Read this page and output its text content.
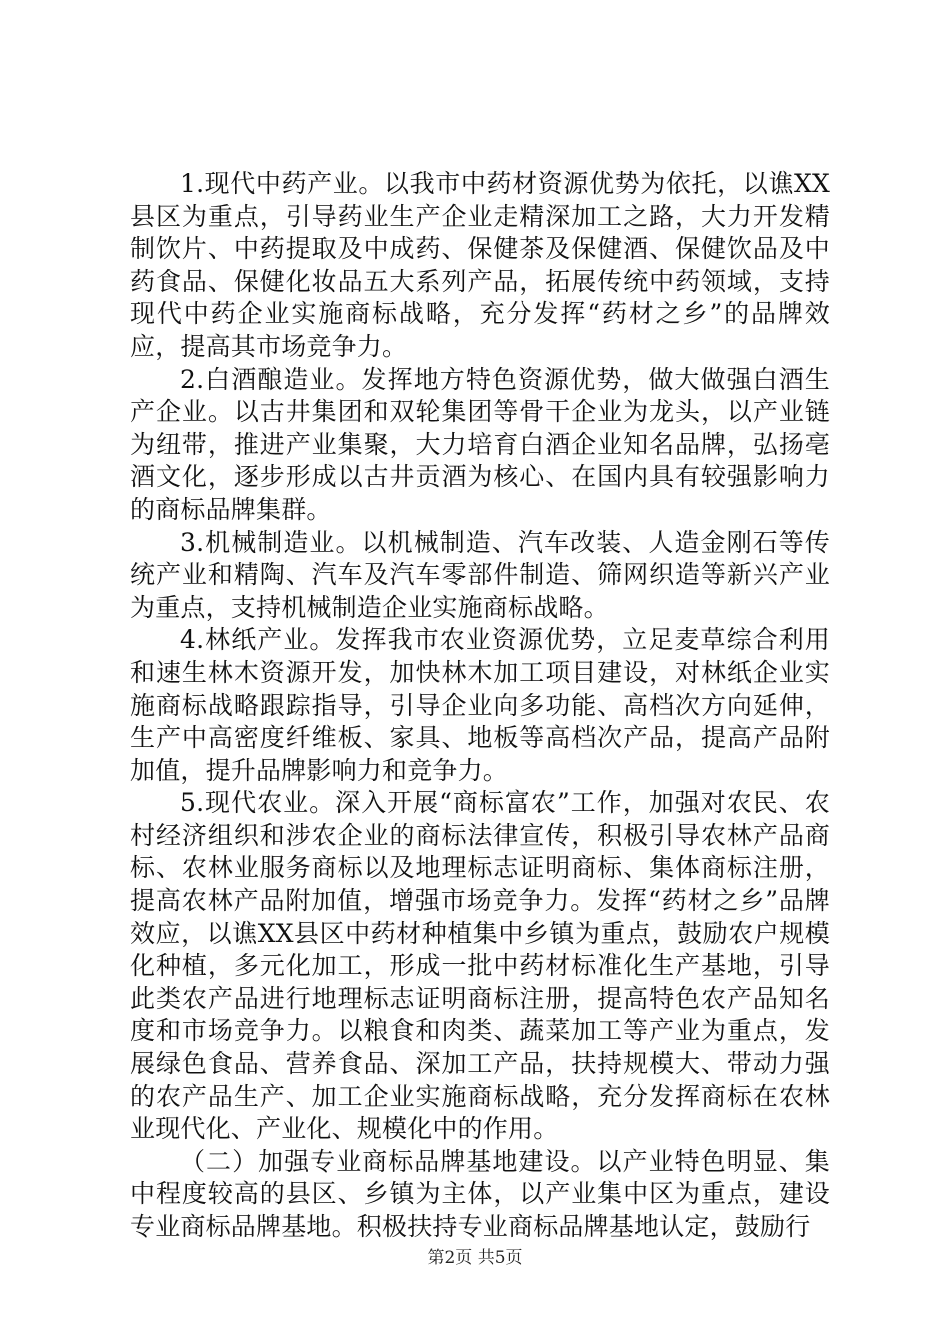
1.现代中药产业。以我市中药材资源优势为依托，以谯XX县区为重点，引导药业生产企业走精深加工之路，大力开发精制饮片、中药提取及中成药、保健茶及保健酒、保健饮品及中药食品、保健化妆品五大系列产品，拓展传统中药领域，支持现代中药企业实施商标战略，充分发挥“药材之乡”的品牌效应，提高其市场竞争力。

2.白酒酿造业。发挥地方特色资源优势，做大做强白酒生产企业。以古井集团和双轮集团等骨干企业为龙头，以产业链为纽带，推进产业集聚，大力培育白酒企业知名品牌，弘扬亳酒文化，逐步形成以古井贡酒为核心、在国内具有较强影响力的商标品牌集群。

3.机械制造业。以机械制造、汽车改装、人造金刚石等传统产业和精陶、汽车及汽车零部件制造、筛网织造等新兴产业为重点，支持机械制造企业实施商标战略。

4.林纸产业。发挥我市农业资源优势，立足麦草综合利用和速生林木资源开发，加快林木加工项目建设，对林纸企业实施商标战略跟踪指导，引导企业向多功能、高档次方向延伸，生产中高密度纤维板、家具、地板等高档次产品，提高产品附加值，提升品牌影响力和竞争力。

5.现代农业。深入开展“商标富农”工作，加强对农民、农村经济组织和涉农企业的商标法律宣传，积极引导农林产品商标、农林业服务商标以及地理标志证明商标、集体商标注册，提高农林产品附加值，增强市场竞争力。发挥“药材之乡”品牌效应，以谯XX县区中药材种植集中乡镇为重点，鼓励农户规模化种植，多元化加工，形成一批中药材标准化生产基地，引导此类农产品进行地理标志证明商标注册，提高特色农产品知名度和市场竞争力。以粮食和肉类、蔬菜加工等产业为重点，发展绿色食品、营养食品、深加工产品，扶持规模大、带动力强的农产品生产、加工企业实施商标战略，充分发挥商标在农林业现代化、产业化、规模化中的作用。

（二）加强专业商标品牌基地建设。以产业特色明显、集中程度较高的县区、乡镇为主体，以产业集中区为重点，建设专业商标品牌基地。积极扶持专业商标品牌基地认定，鼓励行

第2页 共5页
